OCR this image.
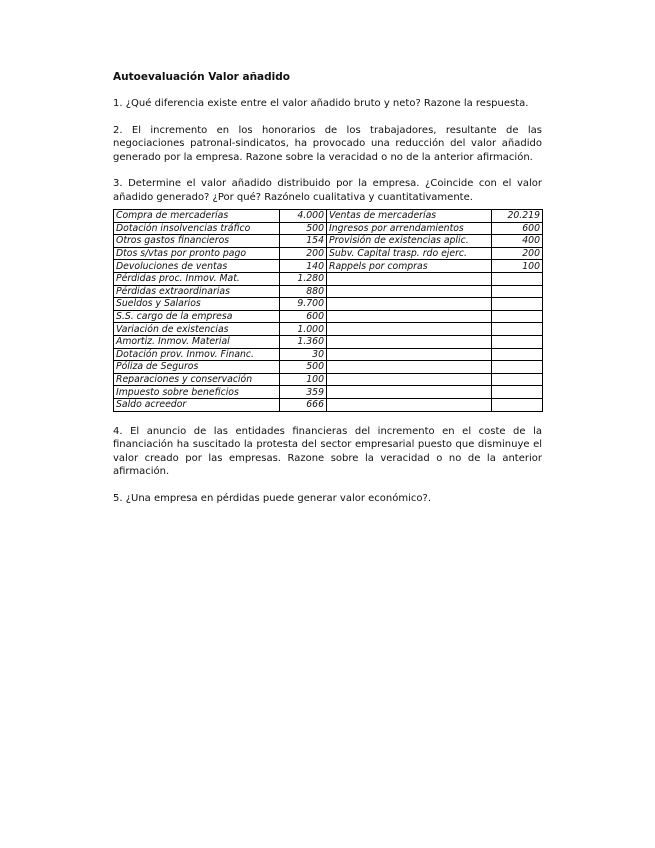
Autoevaluación Valor añadido

1. ¿Qué diferencia existe entre el valor añadido bruto y neto? Razone la respuesta.

2. El incremento en los honorarios de los trabajadores, resultante de las negociaciones patronal-sindicatos, ha provocado una reducción del valor añadido generado por la empresa. Razone sobre la veracidad o no de la anterior afirmación.

3. Determine el valor añadido distribuido por la empresa. ¿Coincide con el valor añadido generado? ¿Por qué? Razónelo cualitativa y cuantitativamente.

Compra de mercaderías	4.000	Ventas de mercaderías	20.219
Dotación insolvencias tráfico	500	Ingresos por arrendamientos	600
Otros gastos financieros	154	Provisión de existencias aplic.	400
Dtos s/vtas por pronto pago	200	Subv. Capital trasp. rdo ejerc.	200
Devoluciones de ventas	140	Rappels por compras	100
Pérdidas proc. Inmov. Mat.	1.280		
Pérdidas extraordinarias	880		
Sueldos y Salarios	9.700		
S.S. cargo de la empresa	600		
Variación de existencias	1.000		
Amortiz. Inmov. Material	1.360		
Dotación prov. Inmov. Financ.	30		
Póliza de Seguros	500		
Reparaciones y conservación	100		
Impuesto sobre beneficios	359		
Saldo acreedor	666		

4. El anuncio de las entidades financieras del incremento en el coste de la financiación ha suscitado la protesta del sector empresarial puesto que disminuye el valor creado por las empresas. Razone sobre la veracidad o no de la anterior afirmación.

5. ¿Una empresa en pérdidas puede generar valor económico?.
